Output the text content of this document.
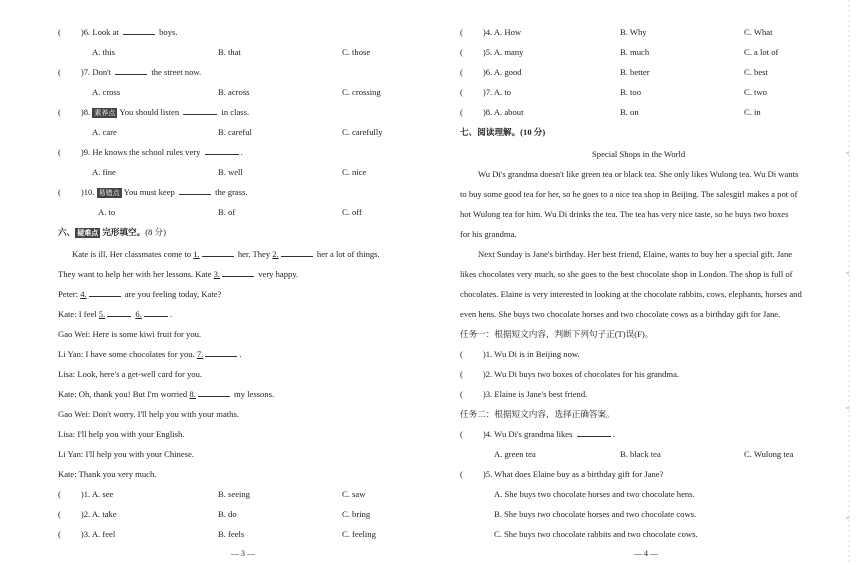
( )6. Look at	boys.
A. this	B. that	C. those
( )7. Don't	the street now.
A. cross	B. across	C. crossing
( )8. 素养点 You should listen	in class.
A. care	B. careful	C. carefully
( )9. He knows the school rules very	.
A. fine	B. well	C. nice
( )10. 易错点 You must keep	the grass.
A. to	B. of	C. off
六、 疑难点 完形填空。(8 分)
Kate is ill. Her classmates come to 1.	her. They 2.	her a lot of things.
They want to help her with her lessons. Kate 3.	very happy.
Peter: 4.	are you feeling today, Kate?
Kate: I feel 5.	6.	.
Gao Wei: Here is some kiwi fruit for you.
Li Yan: I have some chocolates for you. 7.	.
Lisa: Look, here's a get-well card for you.
Kate: Oh, thank you! But I'm worried 8.	my lessons.
Gao Wei: Don't worry. I'll help you with your maths.
Lisa: I'll help you with your English.
Li Yan: I'll help you with your Chinese.
Kate: Thank you very much.
( )1. A. see	B. seeing	C. saw
( )2. A. take	B. do	C. bring
( )3. A. feel	B. feels	C. feeling
— 3 —
( )4. A. How	B. Why	C. What
( )5. A. many	B. much	C. a lot of
( )6. A. good	B. better	C. best
( )7. A. to	B. too	C. two
( )8. A. about	B. on	C. in
七、阅读理解。(10 分)
Special Shops in the World
Wu Di's grandma doesn't like green tea or black tea. She only likes Wulong tea. Wu Di wants
to buy some good tea for her, so he goes to a nice tea shop in Beijing. The salesgirl makes a pot of
hot Wulong tea for him. Wu Di drinks the tea. The tea has very nice taste, so he buys two boxes
for his grandma.
Next Sunday is Jane's birthday. Her best friend, Elaine, wants to buy her a special gift. Jane
likes chocolates very much, so she goes to the best chocolate shop in London. The shop is full of
chocolates. Elaine is very interested in looking at the chocolate rabbits, cows, elephants, horses and
even hens. She buys two chocolate horses and two chocolate cows as a birthday gift for Jane.
任务一：根据短文内容，判断下列句子正(T)误(F)。
( )1. Wu Di is in Beijing now.
( )2. Wu Di buys two boxes of chocolates for his grandma.
( )3. Elaine is Jane's best friend.
任务二：根据短文内容，选择正确答案。
( )4. Wu Di's grandma likes	.
A. green tea	B. black tea	C. Wulong tea
( )5. What does Elaine buy as a birthday gift for Jane?
A. She buys two chocolate horses and two chocolate hens.
B. She buys two chocolate horses and two chocolate cows.
C. She buys two chocolate rabbits and two chocolate cows.
— 4 —
≈
≈
≈
≈
